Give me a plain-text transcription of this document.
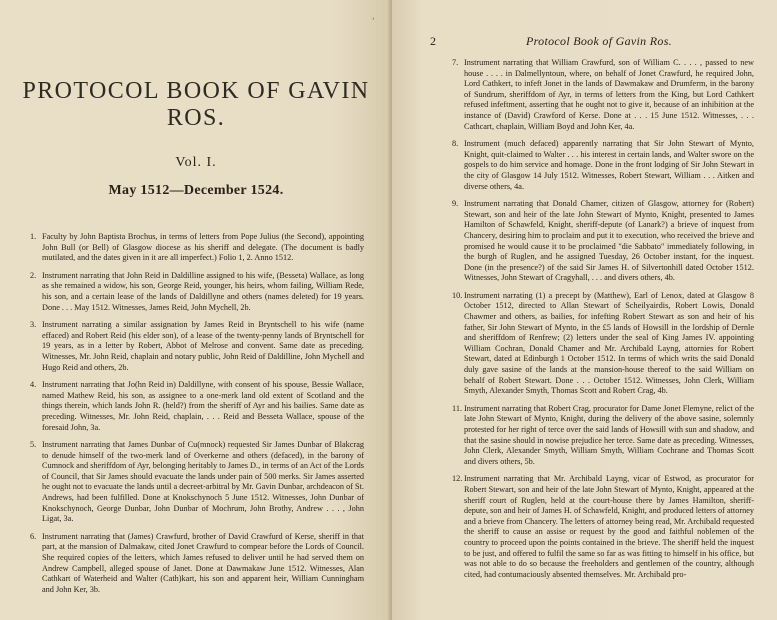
‘
PROTOCOL BOOK OF GAVIN ROS.
Vol. I.
May 1512—December 1524.
1. Faculty by John Baptista Brochus, in terms of letters from Pope Julius (the Second), appointing John Bull (or Bell) of Glasgow diocese as his sheriff and delegate. (The document is badly mutilated, and the dates given in it are all imperfect.) Folio 1, 2. Anno 1512.
2. Instrument narrating that John Reid in Daldilline assigned to his wife, (Besseta) Wallace, as long as she remained a widow, his son, George Reid, younger, his heirs, whom failing, William Rede, his son, and a certain lease of the lands of Daldillyne and others (names deleted) for 19 years. Done . . . May 1512. Witnesses, James Reid, John Mychell, 2b.
3. Instrument narrating a similar assignation by James Reid in Bryntschell to his wife (name effaced) and Robert Reid (his elder son), of a lease of the twenty-penny lands of Bryntschell for 19 years, as in a letter by Robert, Abbot of Melrose and convent. Same date as preceding. Witnesses, Mr. John Reid, chaplain and notary public, John Reid of Daldilline, John Mychell and Hugo Reid and others, 2b.
4. Instrument narrating that Jo(hn Reid in) Daldillyne, with consent of his spouse, Bessie Wallace, named Mathew Reid, his son, as assignee to a one-merk land old extent of Scotland and the things therein, which lands John R. (held?) from the sheriff of Ayr and his bailies. Same date as preceding. Witnesses, Mr. John Reid, chaplain, . . . Reid and Besseta Wallace, spouse of the foresaid John, 3a.
5. Instrument narrating that James Dunbar of Cu(mnock) requested Sir James Dunbar of Blakcrag to denude himself of the two-merk land of Overkerne and others (defaced), in the barony of Cumnock and sheriffdom of Ayr, belonging heritably to James D., in terms of an Act of the Lords of Council, that Sir James should evacuate the lands under pain of 500 merks. Sir James asserted he ought not to evacuate the lands until a decreet-arbitral by Mr. Gavin Dunbar, archdeacon of St. Andrews, had been fulfilled. Done at Knokschynoch 5 June 1512. Witnesses, John Dunbar of Knokschynoch, George Dunbar, John Dunbar of Mochrum, John Brothy, Andrew . . . , John Ligat, 3a.
6. Instrument narrating that (James) Crawfurd, brother of David Crawfurd of Kerse, sheriff in that part, at the mansion of Dalmakaw, cited Jonet Crawfurd to compear before the Lords of Council. She required copies of the letters, which James refused to deliver until he had served them on Andrew Campbell, alleged spouse of Janet. Done at Dawmakaw June 1512. Witnesses, Alan Cathkart of Waterheid and Walter (Cath)kart, his son and apparent heir, William Cunningham and John Ker, 3b.
2	Protocol Book of Gavin Ros.
7. Instrument narrating that William Crawfurd, son of William C. . . . , passed to new house . . . . in Dalmellyntoun, where, on behalf of Jonet Crawfurd, he required John, Lord Cathkert, to infeft Jonet in the lands of Dawmakaw and Drumferm, in the barony of Sundrum, sheriffdom of Ayr, in terms of letters from the King, but Lord Cathkert refused infeftment, asserting that he ought not to give it, because of an inhibition at the instance of (David) Crawford of Kerse. Done at . . . 15 June 1512. Witnesses, . . . Cathcart, chaplain, William Boyd and John Ker, 4a.
8. Instrument (much defaced) apparently narrating that Sir John Stewart of Mynto, Knight, quit-claimed to Walter . . . his interest in certain lands, and Walter swore on the gospels to do him service and homage. Done in the front lodging of Sir John Stewart in the city of Glasgow 14 July 1512. Witnesses, Robert Stewart, William . . . Aitken and diverse others, 4a.
9. Instrument narrating that Donald Chamer, citizen of Glasgow, attorney for (Robert) Stewart, son and heir of the late John Stewart of Mynto, Knight, presented to James Hamilton of Schawfeld, Knight, sheriff-depute (of Lanark?) a brieve of inquest from Chancery, desiring him to proclaim and put it to execution, who received the brieve and promised he would cause it to be proclaimed "die Sabbato" immediately following, in the burgh of Ruglen, and he assigned Tuesday, 26 October instant, for the inquest. Done (in the presence?) of the said Sir James H. of Silvertonhill dated October 1512. Witnesses, John Stewart of Cragyhall, . . . and divers others, 4b.
10. Instrument narrating (1) a precept by (Matthew), Earl of Lenox, dated at Glasgow 8 October 1512, directed to Allan Stewart of Scheilyairdis, Robert Lowis, Donald Chawmer and others, as bailies, for infefting Robert Stewart as son and heir of his father, Sir John Stewart of Mynto, in the £5 lands of Howsill in the lordship of Dernle and sheriffdom of Renfrew; (2) letters under the seal of King James IV. appointing William Cochran, Donald Chamer and Mr. Archibald Layng, attornies for Robert Stewart, dated at Edinburgh 1 October 1512. In terms of which writs the said Donald duly gave sasine of the lands at the mansion-house thereof to the said William on behalf of Robert Stewart. Done . . . October 1512. Witnesses, John Clerk, William Smyth, Alexander Smyth, Thomas Scott and Robert Crag, 4b.
11. Instrument narrating that Robert Crag, procurator for Dame Jonet Flemyne, relict of the late John Stewart of Mynto, Knight, during the delivery of the above sasine, solemnly protested for her right of terce over the said lands of Howsill with sun and shadow, and that the sasine should in nowise prejudice her terce. Same date as preceding. Witnesses, John Clerk, Alexander Smyth, William Smyth, William Cochrane and Thomas Scott and divers others, 5b.
12. Instrument narrating that Mr. Archibald Layng, vicar of Estwod, as procurator for Robert Stewart, son and heir of the late John Stewart of Mynto, Knight, appeared at the sheriff court of Ruglen, held at the court-house there by James Hamilton, sheriff-depute, son and heir of James H. of Schawfeld, Knight, and produced letters of attorney and a brieve from Chancery. The letters of attorney being read, Mr. Archibald requested the sheriff to cause an assise or request by the good and faithful noblemen of the country to proceed upon the points contained in the brieve. The sheriff held the inquest to be just, and offered to fulfil the same so far as was fitting to himself in his office, but was not able to do so because the freeholders and gentlemen of the country, although cited, had contumaciously absented themselves. Mr. Archibald pro-
